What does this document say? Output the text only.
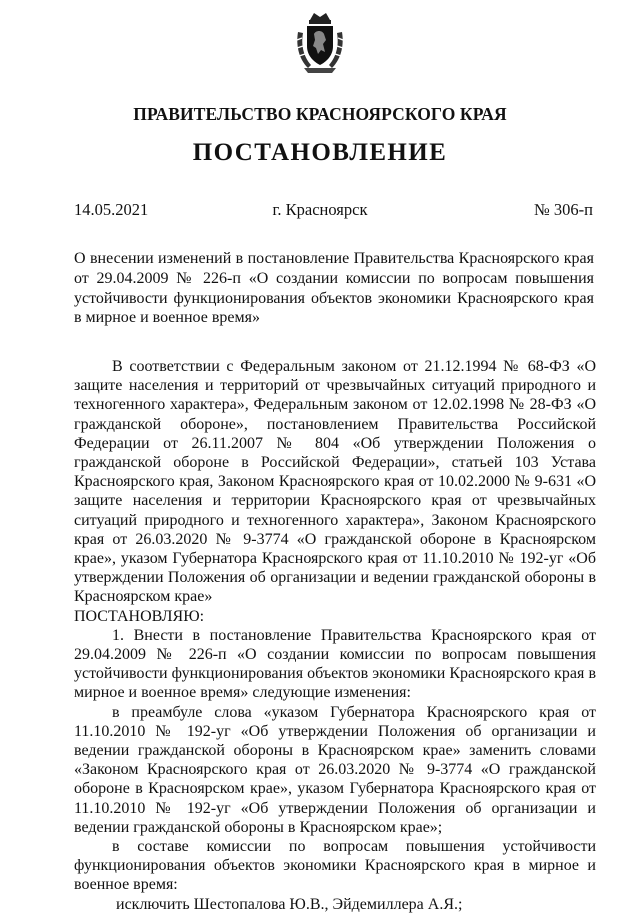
ПРАВИТЕЛЬСТВО КРАСНОЯРСКОГО КРАЯ
ПОСТАНОВЛЕНИЕ
14.05.2021	г. Красноярск	№ 306-п
О внесении изменений в постановление Правительства Красноярского края от 29.04.2009 № 226-п «О создании комиссии по вопросам повышения устойчивости функционирования объектов экономики Красноярского края в мирное и военное время»

В соответствии с Федеральным законом от 21.12.1994 № 68-ФЗ «О защите населения и территорий от чрезвычайных ситуаций природного и техногенного характера», Федеральным законом от 12.02.1998 № 28-ФЗ «О гражданской обороне», постановлением Правительства Российской Федерации от 26.11.2007 № 804 «Об утверждении Положения о гражданской обороне в Российской Федерации», статьей 103 Устава Красноярского края, Законом Красноярского края от 10.02.2000 № 9-631 «О защите населения и территории Красноярского края от чрезвычайных ситуаций природного и техногенного характера», Законом Красноярского края от 26.03.2020 № 9-3774 «О гражданской обороне в Красноярском крае», указом Губернатора Красноярского края от 11.10.2010 № 192-уг «Об утверждении Положения об организации и ведении гражданской обороны в Красноярском крае»

ПОСТАНОВЛЯЮ:

1. Внести в постановление Правительства Красноярского края от 29.04.2009 № 226-п «О создании комиссии по вопросам повышения устойчивости функционирования объектов экономики Красноярского края в мирное и военное время» следующие изменения:

в преамбуле слова «указом Губернатора Красноярского края от 11.10.2010 № 192-уг «Об утверждении Положения об организации и ведении гражданской обороны в Красноярском крае» заменить словами «Законом Красноярского края от 26.03.2020 № 9-3774 «О гражданской обороне в Красноярском крае», указом Губернатора Красноярского края от 11.10.2010 № 192-уг «Об утверждении Положения об организации и ведении гражданской обороны в Красноярском крае»;

в составе комиссии по вопросам повышения устойчивости функционирования объектов экономики Красноярского края в мирное и военное время:

исключить Шестопалова Ю.В., Эйдемиллера А.Я.;
